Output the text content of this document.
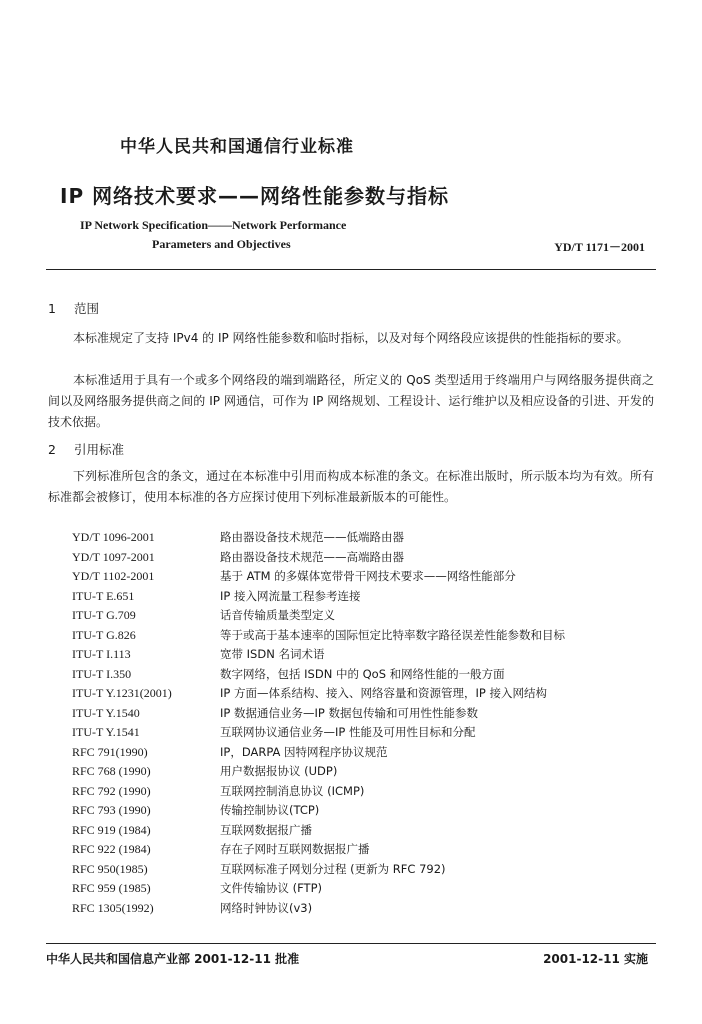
中华人民共和国通信行业标准
IP 网络技术要求——网络性能参数与指标
IP Network Specification——Network Performance
Parameters and Objectives	YD/T 1171－2001
1 范围

本标准规定了支持 IPv4 的 IP 网络性能参数和临时指标，以及对每个网络段应该提供的性能指标的要求。

本标准适用于具有一个或多个网络段的端到端路径，所定义的 QoS 类型适用于终端用户与网络服务提供商之间以及网络服务提供商之间的 IP 网通信，可作为 IP 网络规划、工程设计、运行维护以及相应设备的引进、开发的技术依据。

2 引用标准

下列标准所包含的条文，通过在本标准中引用而构成本标准的条文。在标准出版时，所示版本均为有效。所有标准都会被修订，使用本标准的各方应探讨使用下列标准最新版本的可能性。

YD/T 1096-2001	路由器设备技术规范——低端路由器
YD/T 1097-2001	路由器设备技术规范——高端路由器
YD/T 1102-2001	基于 ATM 的多媒体宽带骨干网技术要求——网络性能部分
ITU-T E.651	IP 接入网流量工程参考连接
ITU-T G.709	话音传输质量类型定义
ITU-T G.826	等于或高于基本速率的国际恒定比特率数字路径误差性能参数和目标
ITU-T I.113	宽带 ISDN 名词术语
ITU-T I.350	数字网络，包括 ISDN 中的 QoS 和网络性能的一般方面
ITU-T Y.1231(2001)	IP 方面—体系结构、接入、网络容量和资源管理，IP 接入网结构
ITU-T Y.1540	IP 数据通信业务—IP 数据包传输和可用性性能参数
ITU-T Y.1541	互联网协议通信业务—IP 性能及可用性目标和分配
RFC 791(1990)	IP，DARPA 因特网程序协议规范
RFC 768 (1990)	用户数据报协议 (UDP)
RFC 792 (1990)	互联网控制消息协议 (ICMP)
RFC 793 (1990)	传输控制协议(TCP)
RFC 919 (1984)	互联网数据报广播
RFC 922 (1984)	存在子网时互联网数据报广播
RFC 950(1985)	互联网标准子网划分过程 (更新为 RFC 792)
RFC 959 (1985)	文件传输协议 (FTP)
RFC 1305(1992)	网络时钟协议(v3)
中华人民共和国信息产业部 2001-12-11 批准	2001-12-11 实施
